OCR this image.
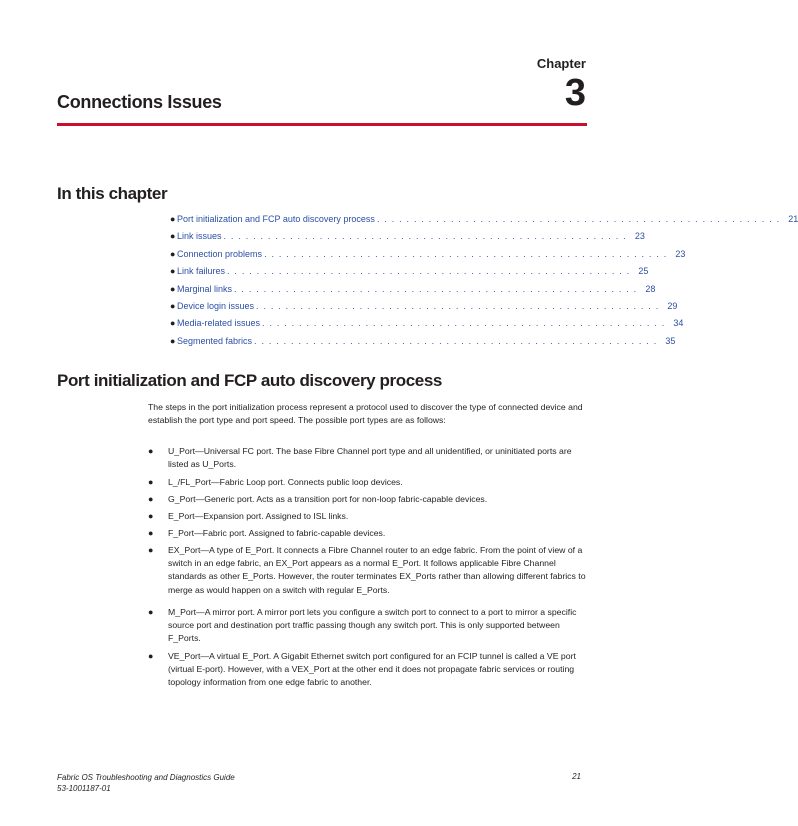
Chapter
3
Connections Issues
In this chapter
● Port initialization and FCP auto discovery process . . . . . . . . . . . . . . . . . . . . . . . . . . . . . . . . . . . . . . . . . . . . . . . . . . . . . . . 21
● Link issues . . . . . . . . . . . . . . . . . . . . . . . . . . . . . . . . . . . . . . . . . . . . . . . . . . . . . . . 23
● Connection problems . . . . . . . . . . . . . . . . . . . . . . . . . . . . . . . . . . . . . . . . . . . . . . . . . . . . . . . 23
● Link failures . . . . . . . . . . . . . . . . . . . . . . . . . . . . . . . . . . . . . . . . . . . . . . . . . . . . . . . 25
● Marginal links . . . . . . . . . . . . . . . . . . . . . . . . . . . . . . . . . . . . . . . . . . . . . . . . . . . . . . . 28
● Device login issues . . . . . . . . . . . . . . . . . . . . . . . . . . . . . . . . . . . . . . . . . . . . . . . . . . . . . . . 29
● Media-related issues . . . . . . . . . . . . . . . . . . . . . . . . . . . . . . . . . . . . . . . . . . . . . . . . . . . . . . . 34
● Segmented fabrics . . . . . . . . . . . . . . . . . . . . . . . . . . . . . . . . . . . . . . . . . . . . . . . . . . . . . . . 35
Port initialization and FCP auto discovery process
The steps in the port initialization process represent a protocol used to discover the type of connected device and establish the port type and port speed. The possible port types are as follows:
●	U_Port—Universal FC port. The base Fibre Channel port type and all unidentified, or uninitiated ports are listed as U_Ports.
●	L_/FL_Port—Fabric Loop port. Connects public loop devices.
●	G_Port—Generic port. Acts as a transition port for non-loop fabric-capable devices.
●	E_Port—Expansion port. Assigned to ISL links.
●	F_Port—Fabric port. Assigned to fabric-capable devices.
●	EX_Port—A type of E_Port. It connects a Fibre Channel router to an edge fabric. From the point of view of a switch in an edge fabric, an EX_Port appears as a normal E_Port. It follows applicable Fibre Channel standards as other E_Ports. However, the router terminates EX_Ports rather than allowing different fabrics to merge as would happen on a switch with regular E_Ports.
●	M_Port—A mirror port. A mirror port lets you configure a switch port to connect to a port to mirror a specific source port and destination port traffic passing though any switch port. This is only supported between F_Ports.
●	VE_Port—A virtual E_Port. A Gigabit Ethernet switch port configured for an FCIP tunnel is called a VE port (virtual E-port). However, with a VEX_Port at the other end it does not propagate fabric services or routing topology information from one edge fabric to another.
Fabric OS Troubleshooting and Diagnostics Guide
53-1001187-01
21
